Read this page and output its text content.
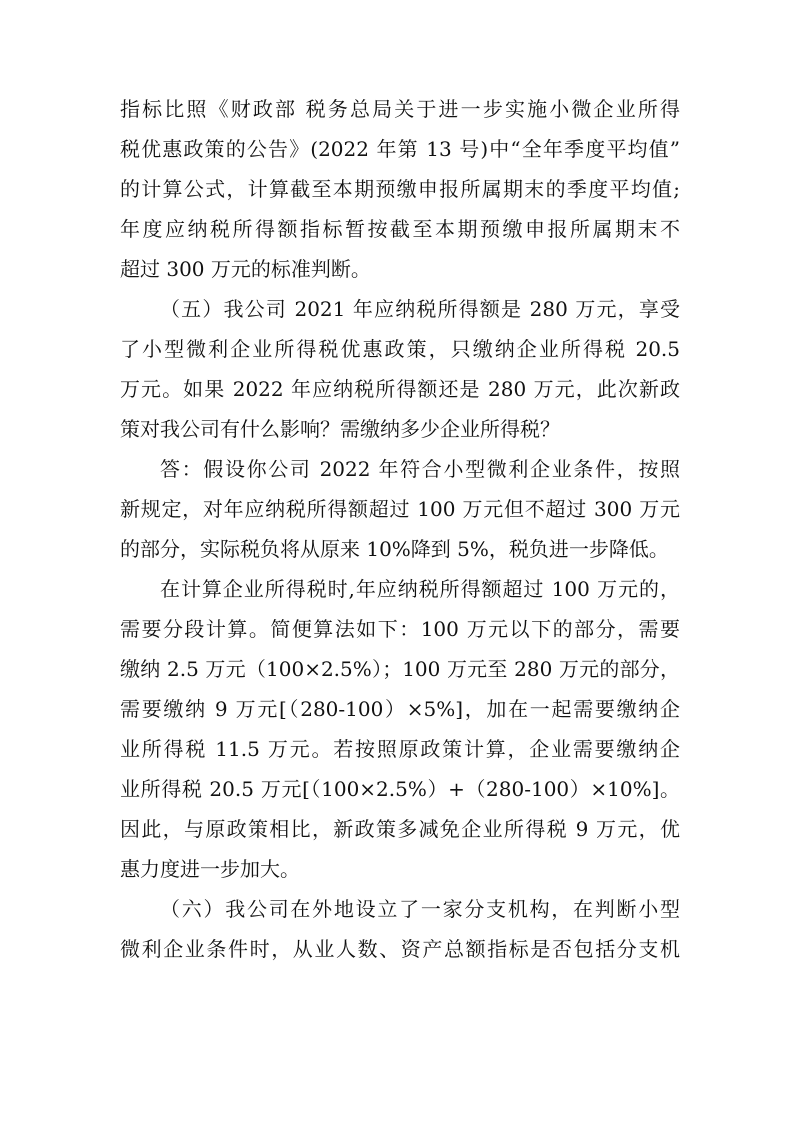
指标比照《财政部 税务总局关于进一步实施小微企业所得
税优惠政策的公告》(2022 年第 13 号)中“全年季度平均值”
的计算公式，计算截至本期预缴申报所属期末的季度平均值;
年度应纳税所得额指标暂按截至本期预缴申报所属期末不
超过 300 万元的标准判断。

（五）我公司 2021 年应纳税所得额是 280 万元，享受
了小型微利企业所得税优惠政策，只缴纳企业所得税 20.5
万元。如果 2022 年应纳税所得额还是 280 万元，此次新政
策对我公司有什么影响？需缴纳多少企业所得税？

答：假设你公司 2022 年符合小型微利企业条件，按照
新规定，对年应纳税所得额超过 100 万元但不超过 300 万元
的部分，实际税负将从原来 10%降到 5%，税负进一步降低。

在计算企业所得税时,年应纳税所得额超过 100 万元的，
需要分段计算。简便算法如下：100 万元以下的部分，需要
缴纳 2.5 万元（100×2.5%）；100 万元至 280 万元的部分，
需要缴纳 9 万元[（280-100）×5%]，加在一起需要缴纳企
业所得税 11.5 万元。若按照原政策计算，企业需要缴纳企
业所得税 20.5 万元[（100×2.5%）+（280-100）×10%]。
因此，与原政策相比，新政策多减免企业所得税 9 万元，优
惠力度进一步加大。

（六）我公司在外地设立了一家分支机构，在判断小型
微利企业条件时，从业人数、资产总额指标是否包括分支机
